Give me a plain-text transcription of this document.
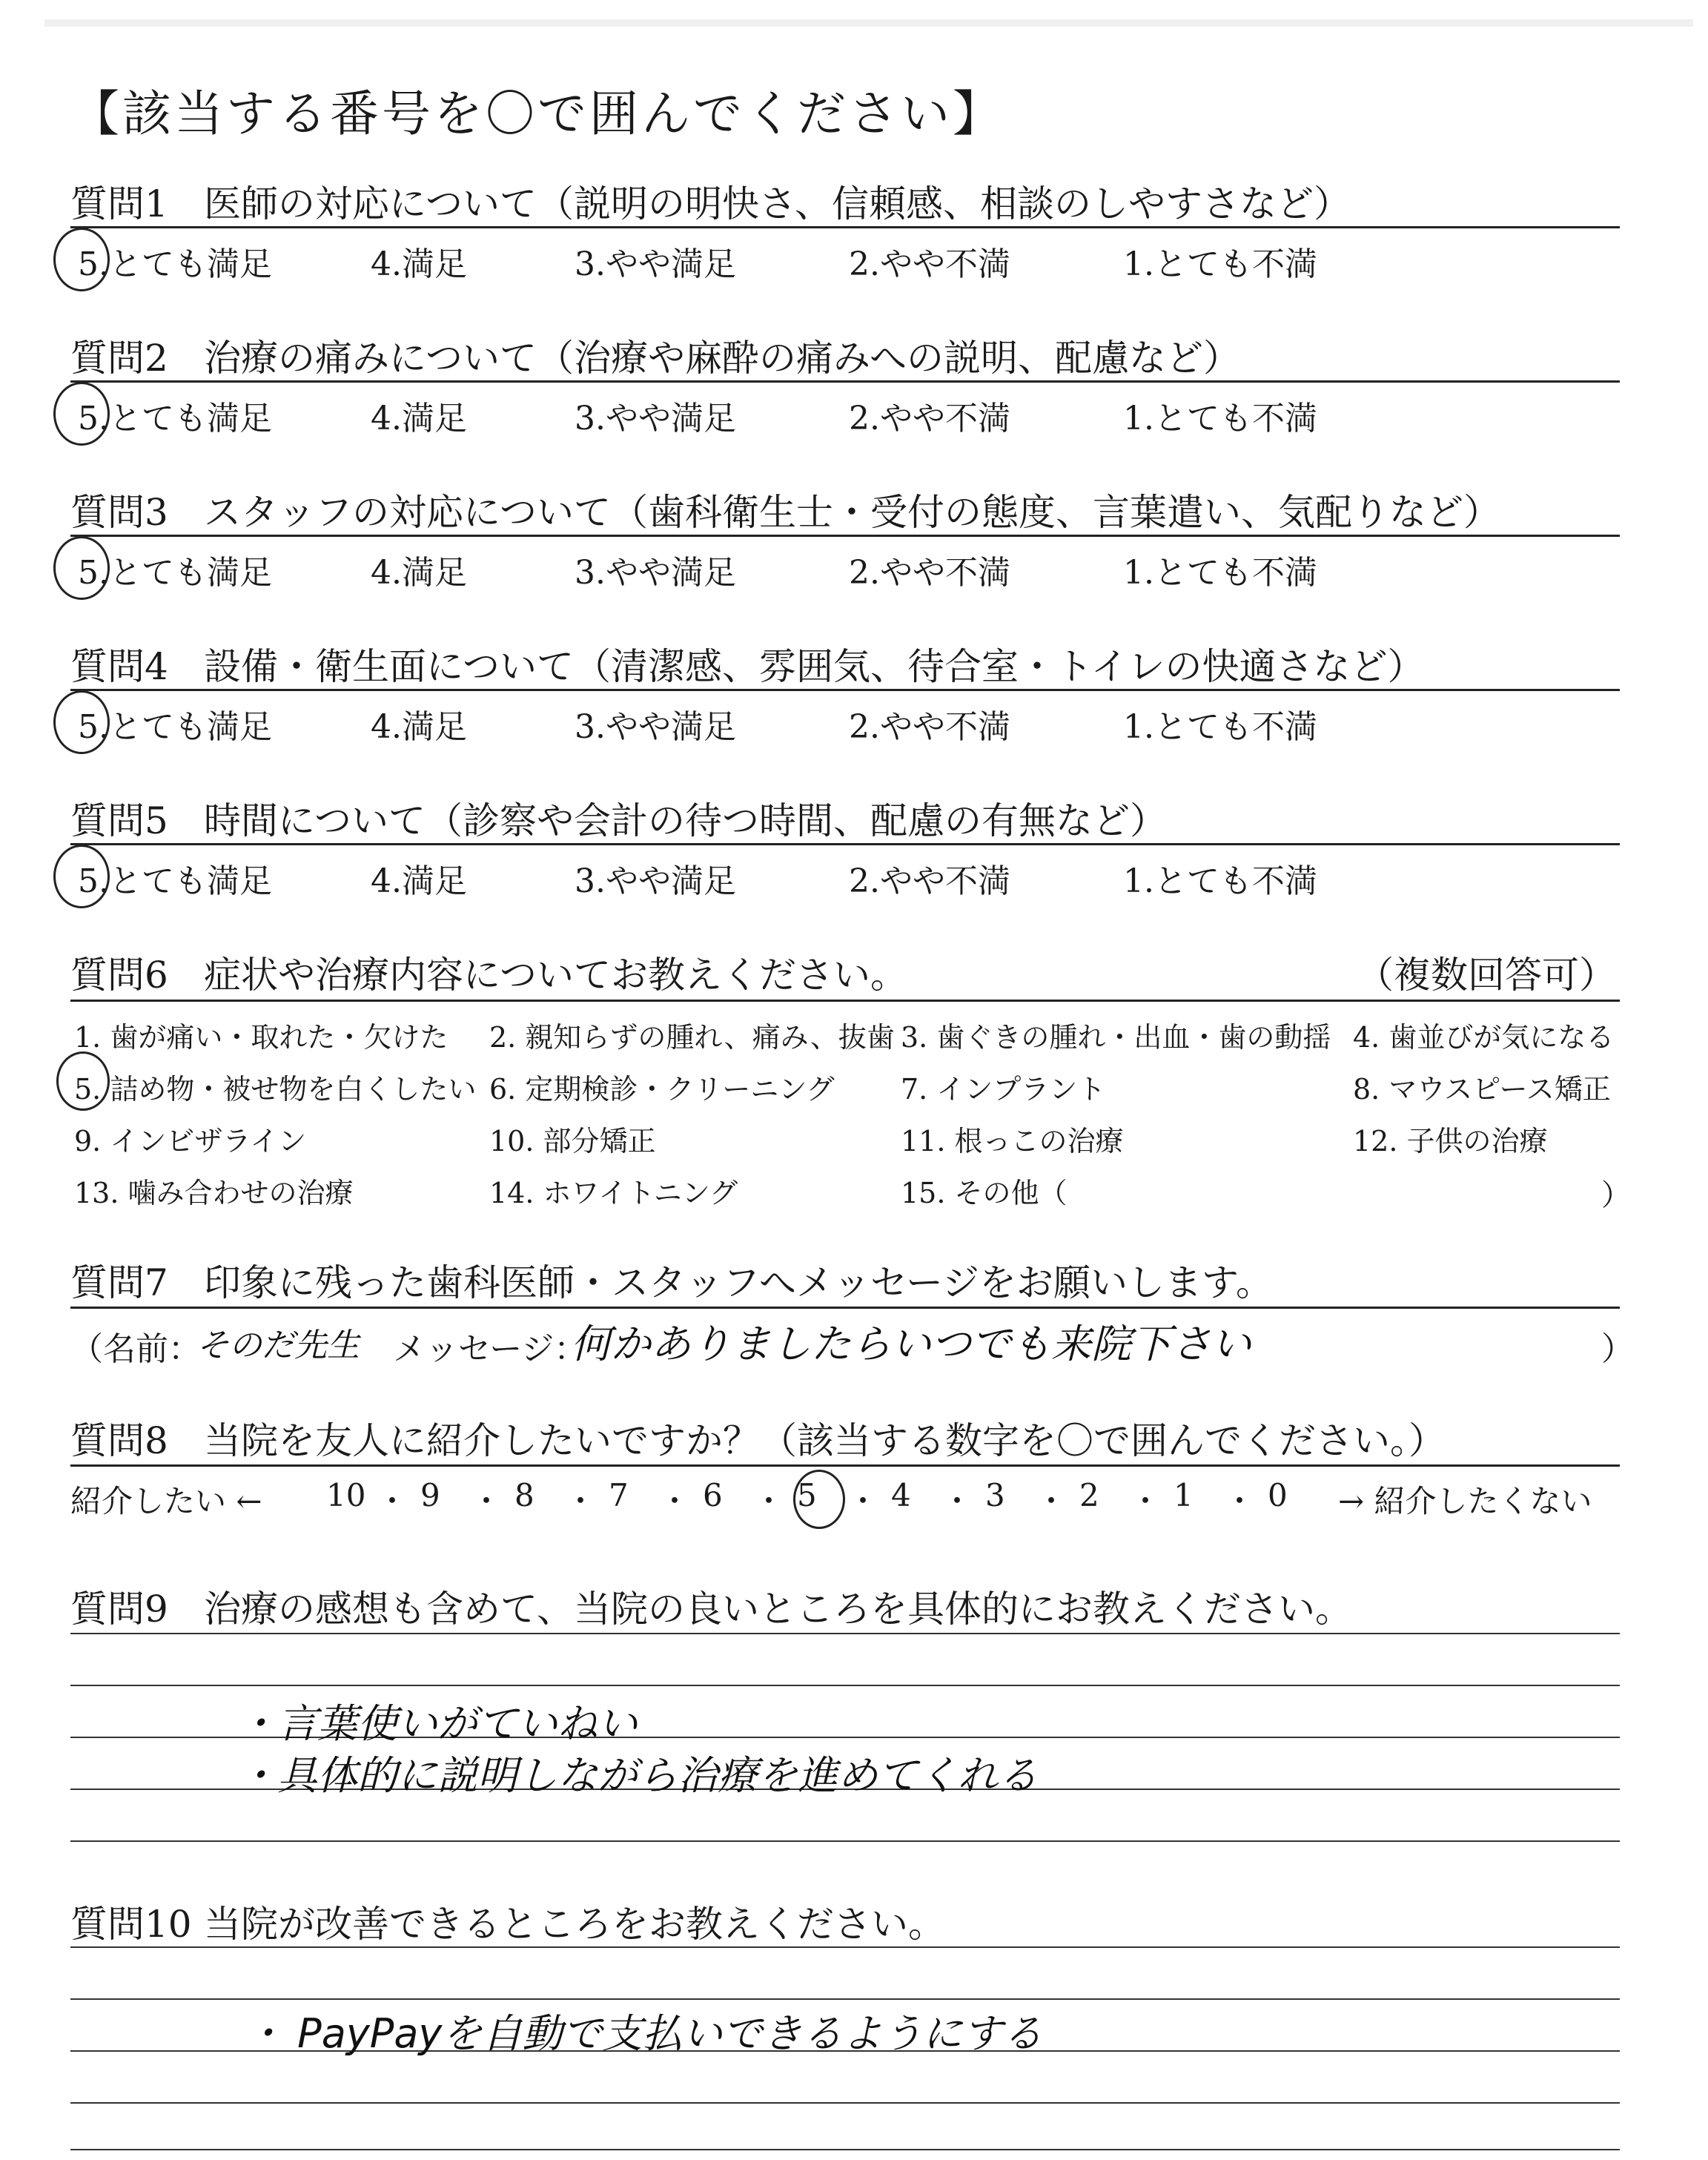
【該当する番号を〇で囲んでください】
質問1 医師の対応について（説明の明快さ、信頼感、相談のしやすさなど）
5.とても満足	4.満足	3.やや満足	2.やや不満	1.とても不満
質問2 治療の痛みについて（治療や麻酔の痛みへの説明、配慮など）
5.とても満足	4.満足	3.やや満足	2.やや不満	1.とても不満
質問3 スタッフの対応について（歯科衛生士・受付の態度、言葉遣い、気配りなど）
5.とても満足	4.満足	3.やや満足	2.やや不満	1.とても不満
質問4 設備・衛生面について（清潔感、雰囲気、待合室・トイレの快適さなど）
5.とても満足	4.満足	3.やや満足	2.やや不満	1.とても不満
質問5 時間について（診察や会計の待つ時間、配慮の有無など）
5.とても満足	4.満足	3.やや満足	2.やや不満	1.とても不満
質問6 症状や治療内容についてお教えください。	（複数回答可）
1. 歯が痛い・取れた・欠けた 2. 親知らずの腫れ、痛み、抜歯 3. 歯ぐきの腫れ・出血・歯の動揺 4. 歯並びが気になる
5. 詰め物・被せ物を白くしたい 6. 定期検診・クリーニング 7. インプラント	8. マウスピース矯正
9. インビザライン	10. 部分矯正	11. 根っこの治療	12. 子供の治療
13. 噛み合わせの治療	14. ホワイトニング	15. その他（	）
質問7 印象に残った歯科医師・スタッフへメッセージをお願いします。
（名前：
そのだ先生 メッセージ：
何かありましたらいつでも来院下さい	）
質問8 当院を友人に紹介したいですか？（該当する数字を〇で囲んでください。）
紹介したい ← 10 ・ 9 ・ 8 ・ 7 ・ 6 ・ 5 ・ 4 ・ 3 ・ 2 ・ 1 ・ 0 → 紹介したくない
質問9 治療の感想も含めて、当院の良いところを具体的にお教えください。
・言葉使いがていねい
・具体的に説明しながら治療を進めてくれる
質問10 当院が改善できるところをお教えください。
・ PayPayを自動で支払いできるようにする
